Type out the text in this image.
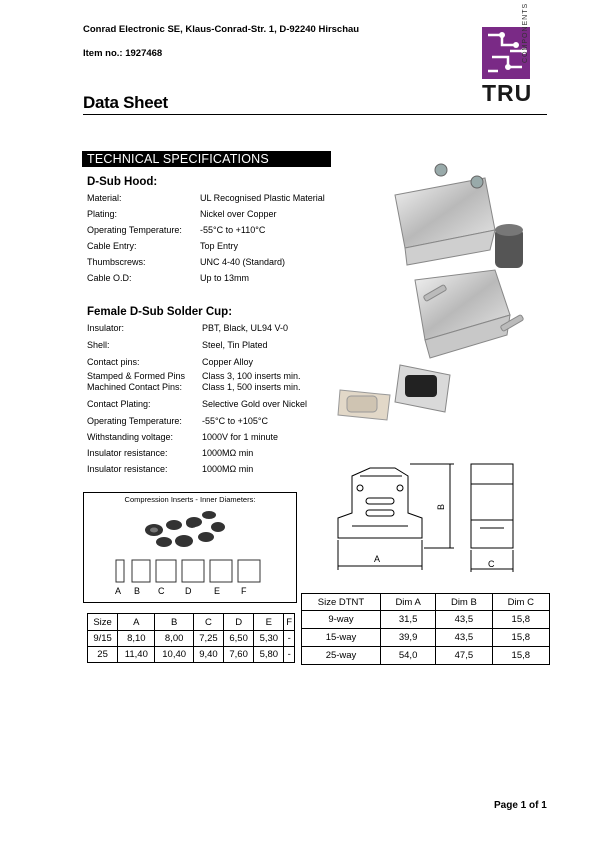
Conrad Electronic SE, Klaus-Conrad-Str. 1, D-92240 Hirschau
Item no.: 1927468
Data Sheet	TRU
COMPONENTS
TECHNICAL SPECIFICATIONS
D-Sub Hood:
Material:	UL Recognised Plastic Material
Plating:	Nickel over Copper
Operating Temperature: -55°C to +110°C
Cable Entry:	Top Entry
Thumbscrews:	UNC 4-40 (Standard)
Cable O.D:	Up to 13mm
Female D-Sub Solder Cup:
Insulator:	PBT, Black, UL94 V-0
Shell:	Steel, Tin Plated
Contact pins:	Copper Alloy
Stamped & Formed Pins Class 3, 100 inserts min.
Machined Contact Pins: Class 1, 500 inserts min.
Contact Plating:	Selective Gold over Nickel
Operating Temperature: -55°C to +105°C
Withstanding voltage:	1000V for 1 minute
Insulator resistance:	1000MΩ min
Insulator resistance:	1000MΩ min
Compression Inserts - Inner Diameters:
A B C D	E F
A
B
C
Size	A	B	C	D	E	F
9/15	8,10	8,00	7,25	6,50	5,30	-
25	11,40	10,40	9,40	7,60	5,80	-
Size DTNT	Dim A	Dim B	Dim C
9-way	31,5	43,5	15,8
15-way	39,9	43,5	15,8
25-way	54,0	47,5	15,8
Page 1 of 1
